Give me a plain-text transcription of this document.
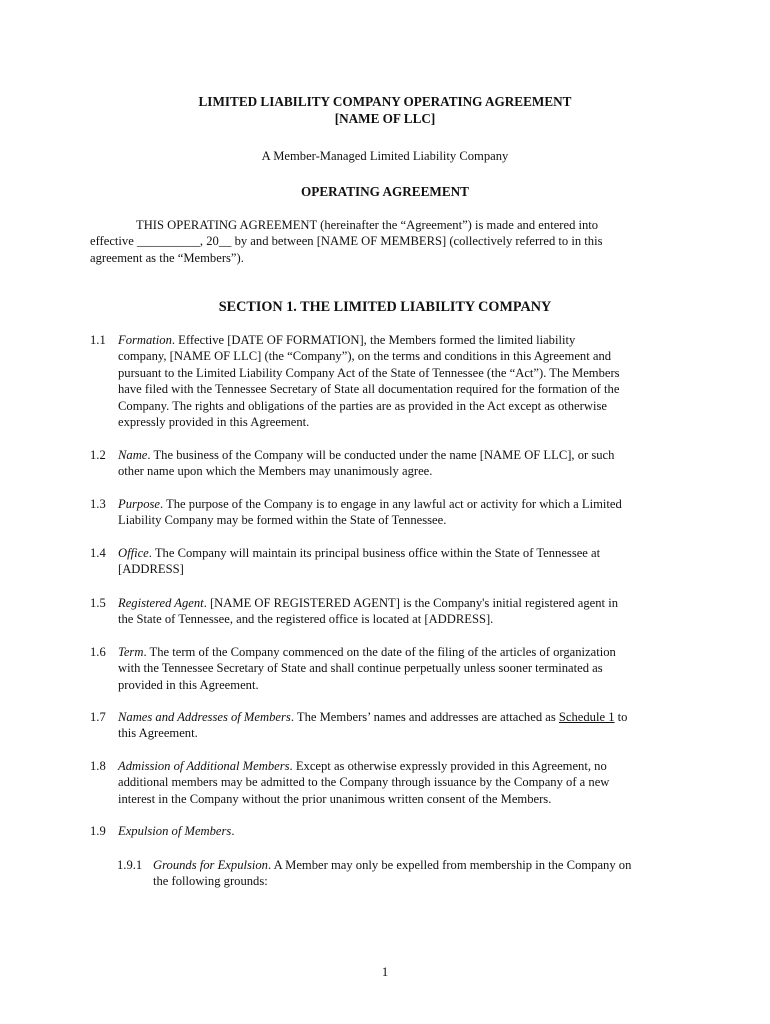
LIMITED LIABILITY COMPANY OPERATING AGREEMENT
[NAME OF LLC]
A Member-Managed Limited Liability Company
OPERATING AGREEMENT
THIS OPERATING AGREEMENT (hereinafter the “Agreement”) is made and entered into
effective __________, 20__ by and between [NAME OF MEMBERS] (collectively referred to in this
agreement as the “Members”).
SECTION 1. THE LIMITED LIABILITY COMPANY
1.1 Formation. Effective [DATE OF FORMATION], the Members formed the limited liability
company, [NAME OF LLC] (the “Company”), on the terms and conditions in this Agreement and
pursuant to the Limited Liability Company Act of the State of Tennessee (the “Act”). The Members
have filed with the Tennessee Secretary of State all documentation required for the formation of the
Company. The rights and obligations of the parties are as provided in the Act except as otherwise
expressly provided in this Agreement.
1.2 Name. The business of the Company will be conducted under the name [NAME OF LLC], or such
other name upon which the Members may unanimously agree.
1.3 Purpose. The purpose of the Company is to engage in any lawful act or activity for which a Limited
Liability Company may be formed within the State of Tennessee.
1.4 Office. The Company will maintain its principal business office within the State of Tennessee at
[ADDRESS]
1.5 Registered Agent. [NAME OF REGISTERED AGENT] is the Company's initial registered agent in
the State of Tennessee, and the registered office is located at [ADDRESS].
1.6 Term. The term of the Company commenced on the date of the filing of the articles of organization
with the Tennessee Secretary of State and shall continue perpetually unless sooner terminated as
provided in this Agreement.
1.7 Names and Addresses of Members. The Members’ names and addresses are attached as Schedule 1 to
this Agreement.
1.8 Admission of Additional Members. Except as otherwise expressly provided in this Agreement, no
additional members may be admitted to the Company through issuance by the Company of a new
interest in the Company without the prior unanimous written consent of the Members.
1.9 Expulsion of Members.
1.9.1 Grounds for Expulsion. A Member may only be expelled from membership in the Company on
the following grounds:
1
